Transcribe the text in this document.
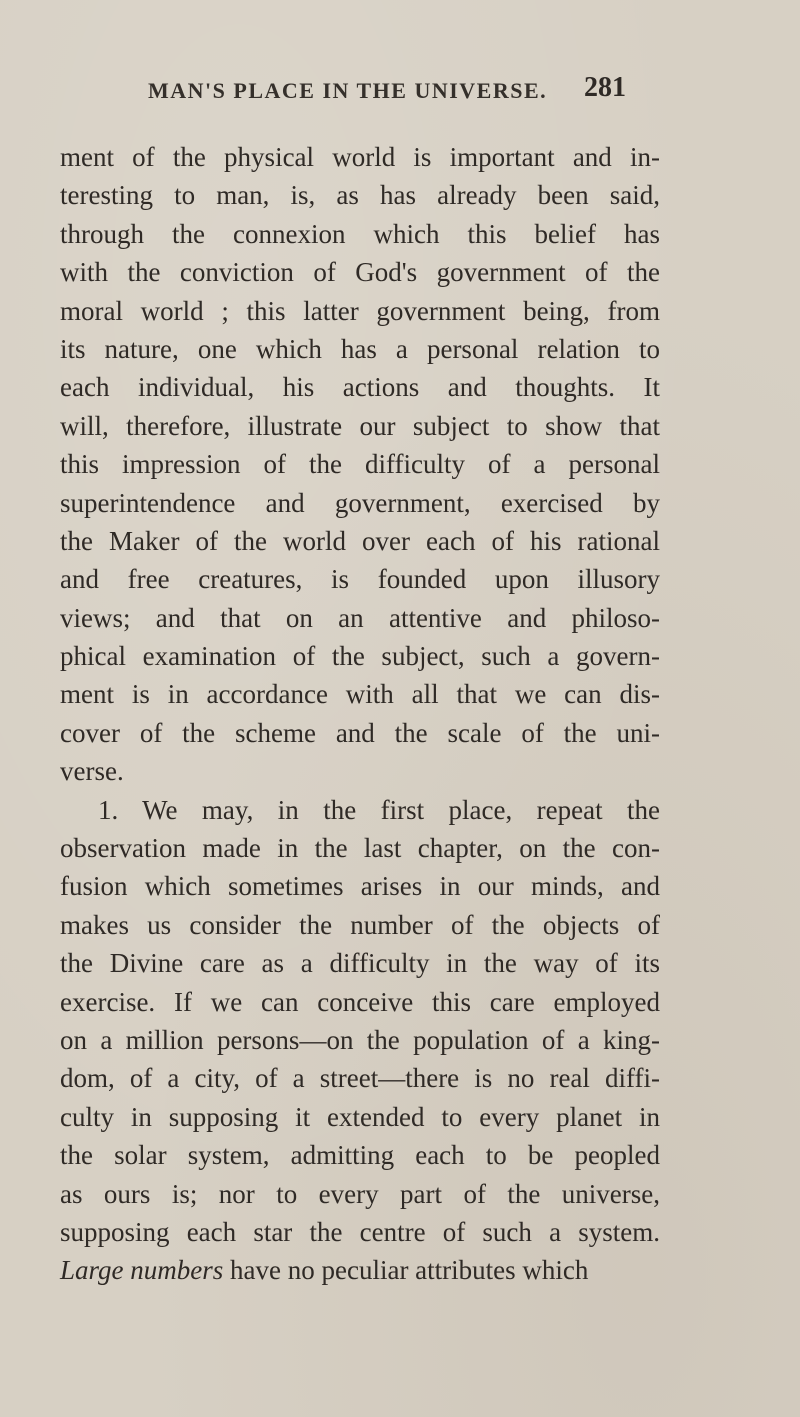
MAN'S PLACE IN THE UNIVERSE.	281
ment of the physical world is important and in-
teresting to man, is, as has already been said,
through the connexion which this belief has
with the conviction of God's government of the
moral world ; this latter government being, from
its nature, one which has a personal relation to
each individual, his actions and thoughts. It
will, therefore, illustrate our subject to show that
this impression of the difficulty of a personal
superintendence and government, exercised by
the Maker of the world over each of his rational
and free creatures, is founded upon illusory
views; and that on an attentive and philoso-
phical examination of the subject, such a govern-
ment is in accordance with all that we can dis-
cover of the scheme and the scale of the uni-
verse.
1. We may, in the first place, repeat the
observation made in the last chapter, on the con-
fusion which sometimes arises in our minds, and
makes us consider the number of the objects of
the Divine care as a difficulty in the way of its
exercise. If we can conceive this care employed
on a million persons—on the population of a king-
dom, of a city, of a street—there is no real diffi-
culty in supposing it extended to every planet in
the solar system, admitting each to be peopled
as ours is; nor to every part of the universe,
supposing each star the centre of such a system.
Large numbers have no peculiar attributes which
